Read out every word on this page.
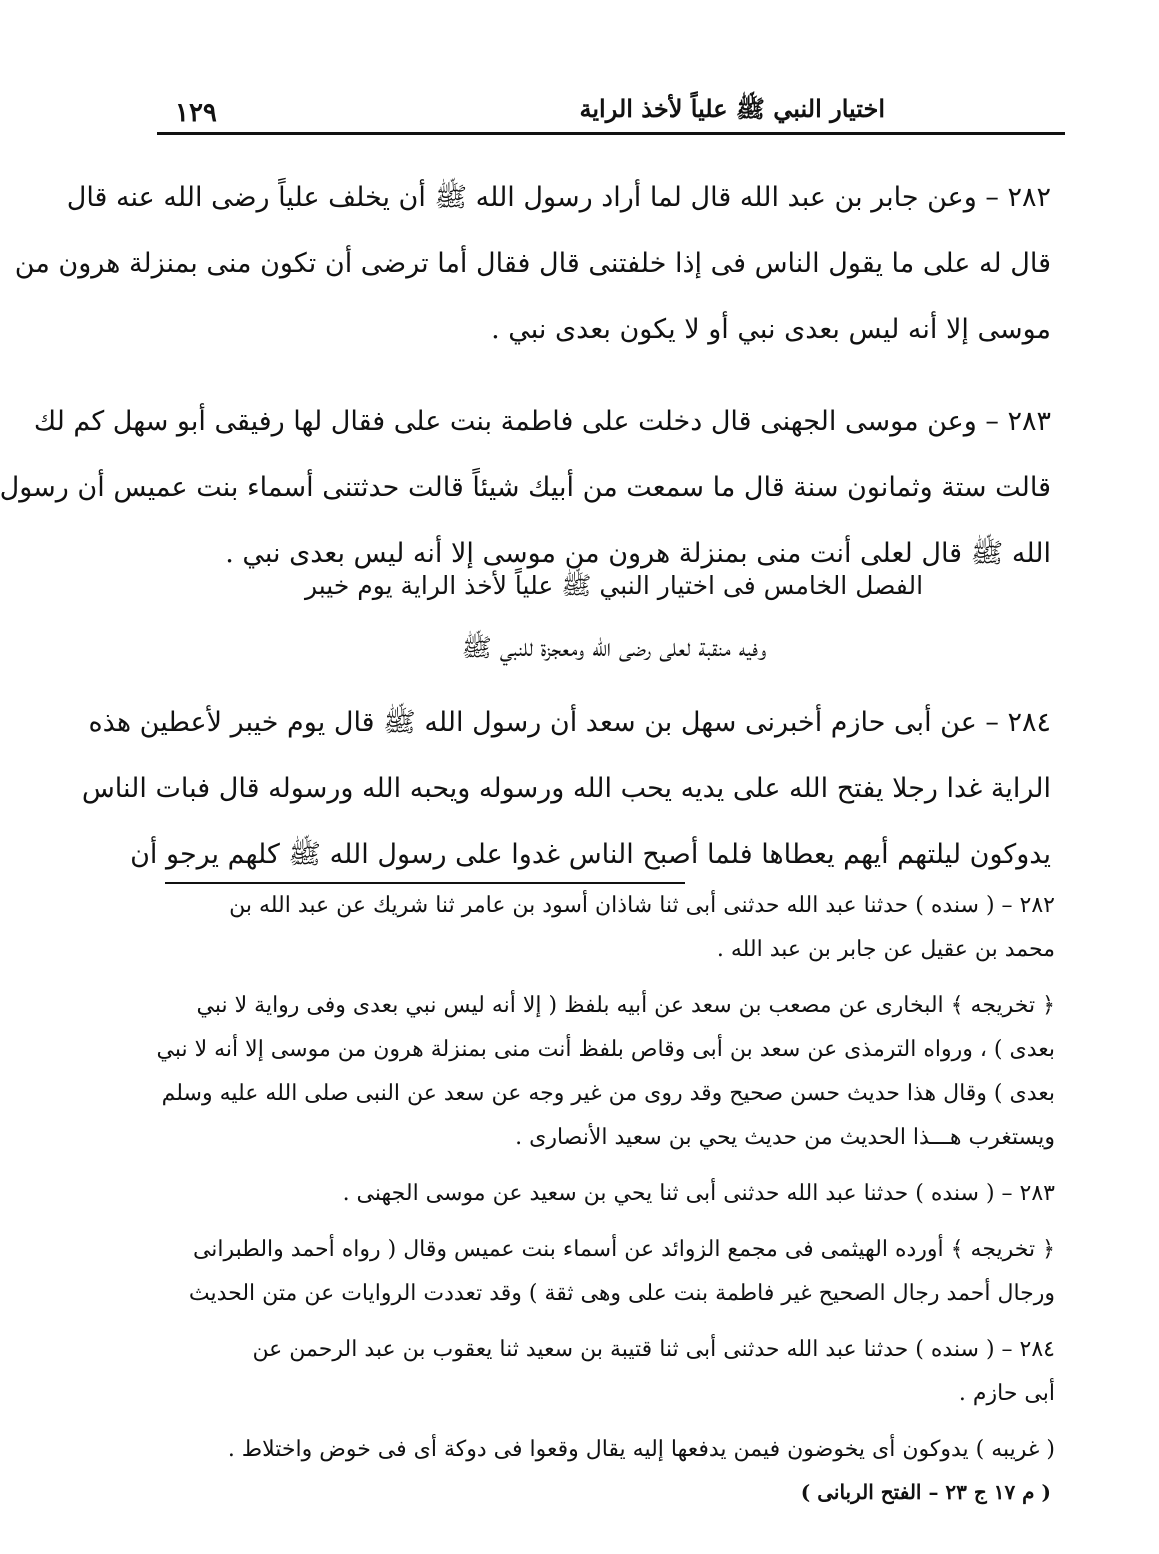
اختيار النبي ﷺ علياً لأخذ الراية
١٢٩
٢٨٢ – وعن جابر بن عبد الله قال لما أراد رسول الله ﷺ أن يخلف علياً رضى الله عنه قال
قال له على ما يقول الناس فى إذا خلفتنى قال فقال أما ترضى أن تكون منى بمنزلة هرون من
موسى إلا أنه ليس بعدى نبي أو لا يكون بعدى نبي .
٢٨٣ – وعن موسى الجهنى قال دخلت على فاطمة بنت على فقال لها رفيقى أبو سهل كم لك
قالت ستة وثمانون سنة قال ما سمعت من أبيك شيئاً قالت حدثتنى أسماء بنت عميس أن رسول
الله ﷺ قال لعلى أنت منى بمنزلة هرون من موسى إلا أنه ليس بعدى نبي .
الفصل الخامس فى اختيار النبي ﷺ علياً لأخذ الراية يوم خيبر
وفيه منقبة لعلى رضى الله ومعجزة للنبي ﷺ
٢٨٤ – عن أبى حازم أخبرنى سهل بن سعد أن رسول الله ﷺ قال يوم خيبر لأعطين هذه
الراية غدا رجلا يفتح الله على يديه يحب الله ورسوله ويحبه الله ورسوله قال فبات الناس
يدوكون ليلتهم أيهم يعطاها فلما أصبح الناس غدوا على رسول الله ﷺ كلهم يرجو أن
٢٨٢ – ( سنده ) حدثنا عبد الله حدثنى أبى ثنا شاذان أسود بن عامر ثنا شريك عن عبد الله بن
محمد بن عقيل عن جابر بن عبد الله .
﴿ تخريجه ﴾ البخارى عن مصعب بن سعد عن أبيه بلفظ ( إلا أنه ليس نبي بعدى وفى رواية لا نبي
بعدى ) ، ورواه الترمذى عن سعد بن أبى وقاص بلفظ أنت منى بمنزلة هرون من موسى إلا أنه لا نبي
بعدى ) وقال هذا حديث حسن صحيح وقد روى من غير وجه عن سعد عن النبى صلى الله عليه وسلم
ويستغرب هـــذا الحديث من حديث يحي بن سعيد الأنصارى .
٢٨٣ – ( سنده ) حدثنا عبد الله حدثنى أبى ثنا يحي بن سعيد عن موسى الجهنى .
﴿ تخريجه ﴾ أورده الهيثمى فى مجمع الزوائد عن أسماء بنت عميس وقال ( رواه أحمد والطبرانى
ورجال أحمد رجال الصحيح غير فاطمة بنت على وهى ثقة ) وقد تعددت الروايات عن متن الحديث
٢٨٤ – ( سنده ) حدثنا عبد الله حدثنى أبى ثنا قتيبة بن سعيد ثنا يعقوب بن عبد الرحمن عن
أبى حازم .
( غريبه ) يدوكون أى يخوضون فيمن يدفعها إليه يقال وقعوا فى دوكة أى فى خوض واختلاط .
( م ١٧ ج ٢٣ – الفتح الربانى )
